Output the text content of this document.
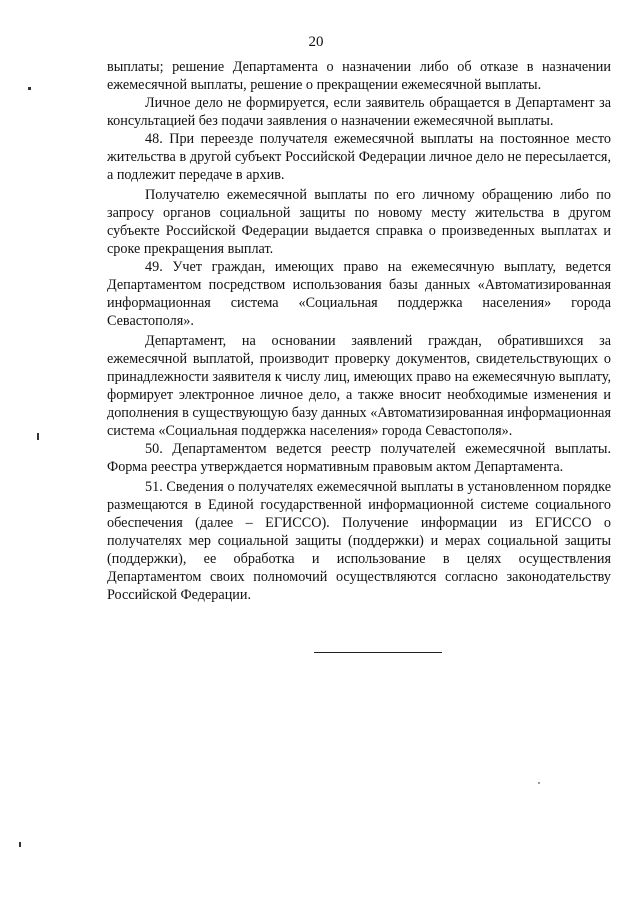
20

выплаты; решение Департамента о назначении либо об отказе в назначении ежемесячной выплаты, решение о прекращении ежемесячной выплаты.

Личное дело не формируется, если заявитель обращается в Департамент за консультацией без подачи заявления о назначении ежемесячной выплаты.

48. При переезде получателя ежемесячной выплаты на постоянное место жительства в другой субъект Российской Федерации личное дело не пересылается, а подлежит передаче в архив.

Получателю ежемесячной выплаты по его личному обращению либо по запросу органов социальной защиты по новому месту жительства в другом субъекте Российской Федерации выдается справка о произведенных выплатах и сроке прекращения выплат.

49. Учет граждан, имеющих право на ежемесячную выплату, ведется Департаментом посредством использования базы данных «Автоматизированная информационная система «Социальная поддержка населения» города Севастополя».

Департамент, на основании заявлений граждан, обратившихся за ежемесячной выплатой, производит проверку документов, свидетельствующих о принадлежности заявителя к числу лиц, имеющих право на ежемесячную выплату, формирует электронное личное дело, а также вносит необходимые изменения и дополнения в существующую базу данных «Автоматизированная информационная система «Социальная поддержка населения» города Севастополя».

50. Департаментом ведется реестр получателей ежемесячной выплаты. Форма реестра утверждается нормативным правовым актом Департамента.

51. Сведения о получателях ежемесячной выплаты в установленном порядке размещаются в Единой государственной информационной системе социального обеспечения (далее – ЕГИССО). Получение информации из ЕГИССО о получателях мер социальной защиты (поддержки) и мерах социальной защиты (поддержки), ее обработка и использование в целях осуществления Департаментом своих полномочий осуществляются согласно законодательству Российской Федерации.
